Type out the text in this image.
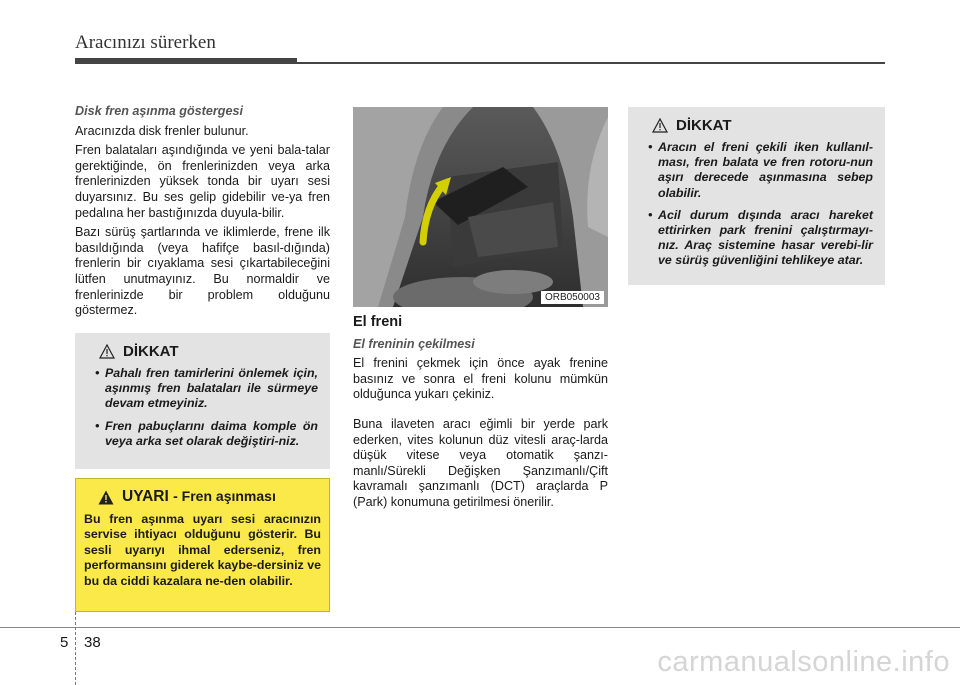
Aracınızı sürerken

Disk fren aşınma göstergesi

Aracınızda disk frenler bulunur.

Fren balataları aşındığında ve yeni bala-talar gerektiğinde, ön frenlerinizden veya arka frenlerinizden yüksek tonda bir uyarı sesi duyarsınız. Bu ses gelip gidebilir ve-ya fren pedalına her bastığınızda duyula-bilir.

Bazı sürüş şartlarında ve iklimlerde, frene ilk basıldığında (veya hafifçe basıl-dığında) frenlerin bir cıyaklama sesi çıkartabileceğini lütfen unutmayınız. Bu normaldir ve frenlerinizde bir problem olduğunu göstermez.

DİKKAT
• Pahalı fren tamirlerini önlemek için, aşınmış fren balataları ile sürmeye devam etmeyiniz.
• Fren pabuçlarını daima komple ön veya arka set olarak değiştiri-niz.
UYARI - Fren aşınması

Bu fren aşınma uyarı sesi aracınızın servise ihtiyacı olduğunu gösterir. Bu sesli uyarıyı ihmal ederseniz, fren performansını giderek kaybe-dersiniz ve bu da ciddi kazalara ne-den olabilir.

ORB050003

El freni

El freninin çekilmesi

El frenini çekmek için önce ayak frenine basınız ve sonra el freni kolunu mümkün olduğunca yukarı çekiniz.

Buna ilaveten aracı eğimli bir yerde park ederken, vites kolunun düz vitesli araç-larda düşük vitese veya otomatik şanzı-manlı/Sürekli Değişken Şanzımanlı/Çift kavramalı şanzımanlı (DCT) araçlarda P (Park) konumuna getirilmesi önerilir.

DİKKAT
• Aracın el freni çekili iken kullanıl-ması, fren balata ve fren rotoru-nun aşırı derecede aşınmasına sebep olabilir.
• Acil durum dışında aracı hareket ettirirken park frenini çalıştırmayı-nız. Araç sistemine hasar verebi-lir ve sürüş güvenliğini tehlikeye atar.
5 38
carmanualsonline.info
